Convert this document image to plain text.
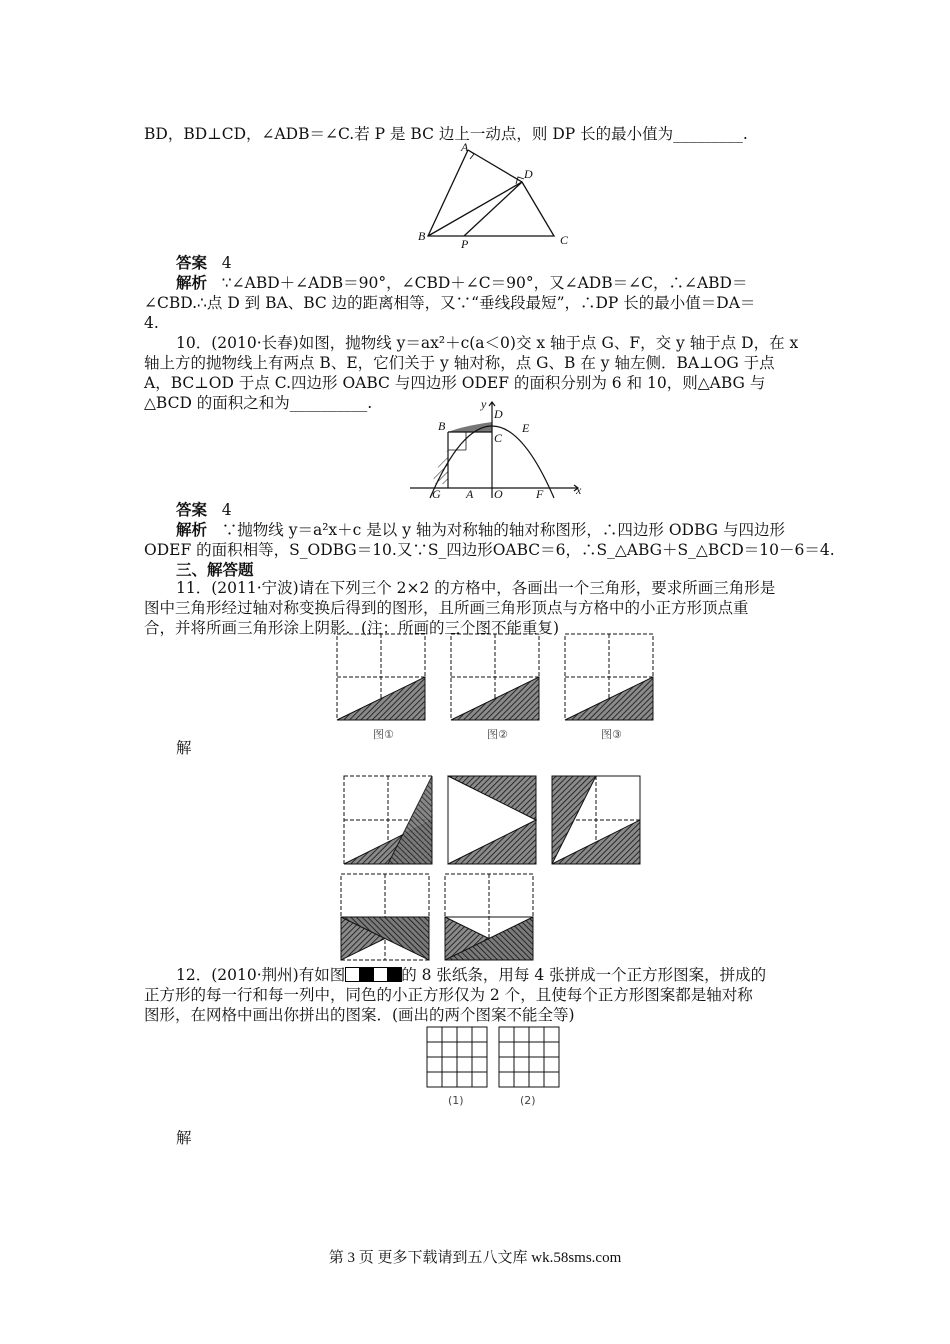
BD，BD⊥CD，∠ADB＝∠C.若 P 是 BC 边上一动点，则 DP 长的最小值为_________.
A
B	C
D
P
答案 4
解析 ∵∠ABD＋∠ADB＝90°，∠CBD＋∠C＝90°，又∠ADB＝∠C，∴∠ABD＝
∠CBD.∴点 D 到 BA、BC 边的距离相等，又∵“垂线段最短”，∴DP 长的最小值＝DA＝
4.
10．(2010·长春)如图，抛物线 y＝ax²＋c(a＜0)交 x 轴于点 G、F，交 y 轴于点 D，在 x
轴上方的抛物线上有两点 B、E，它们关于 y 轴对称，点 G、B 在 y 轴左侧．BA⊥OG 于点
A，BC⊥OD 于点 C.四边形 OABC 与四边形 ODEF 的面积分别为 6 和 10，则△ABG 与
△BCD 的面积之和为__________.	y
x
D
B
C
E
G A O	F
答案 4
解析 ∵抛物线 y＝a²x＋c 是以 y 轴为对称轴的轴对称图形，∴四边形 ODBG 与四边形
ODEF 的面积相等，S_ODBG＝10.又∵S_四边形OABC＝6，∴S_△ABG＋S_△BCD＝10－6＝4.
三、解答题
11．(2011·宁波)请在下列三个 2×2 的方格中，各画出一个三角形，要求所画三角形是
图中三角形经过轴对称变换后得到的图形，且所画三角形顶点与方格中的小正方形顶点重
合，并将所画三角形涂上阴影．(注：所画的三个图不能重复)
图①	图②	图③
解
12．(2010·荆州)有如图	的 8 张纸条，用每 4 张拼成一个正方形图案，拼成的
正方形的每一行和每一列中，同色的小正方形仅为 2 个，且使每个正方形图案都是轴对称
图形，在网格中画出你拼出的图案．(画出的两个图案不能全等)
(1)	(2)
解
第 3 页 更多下载请到五八文库 wk.58sms.com
